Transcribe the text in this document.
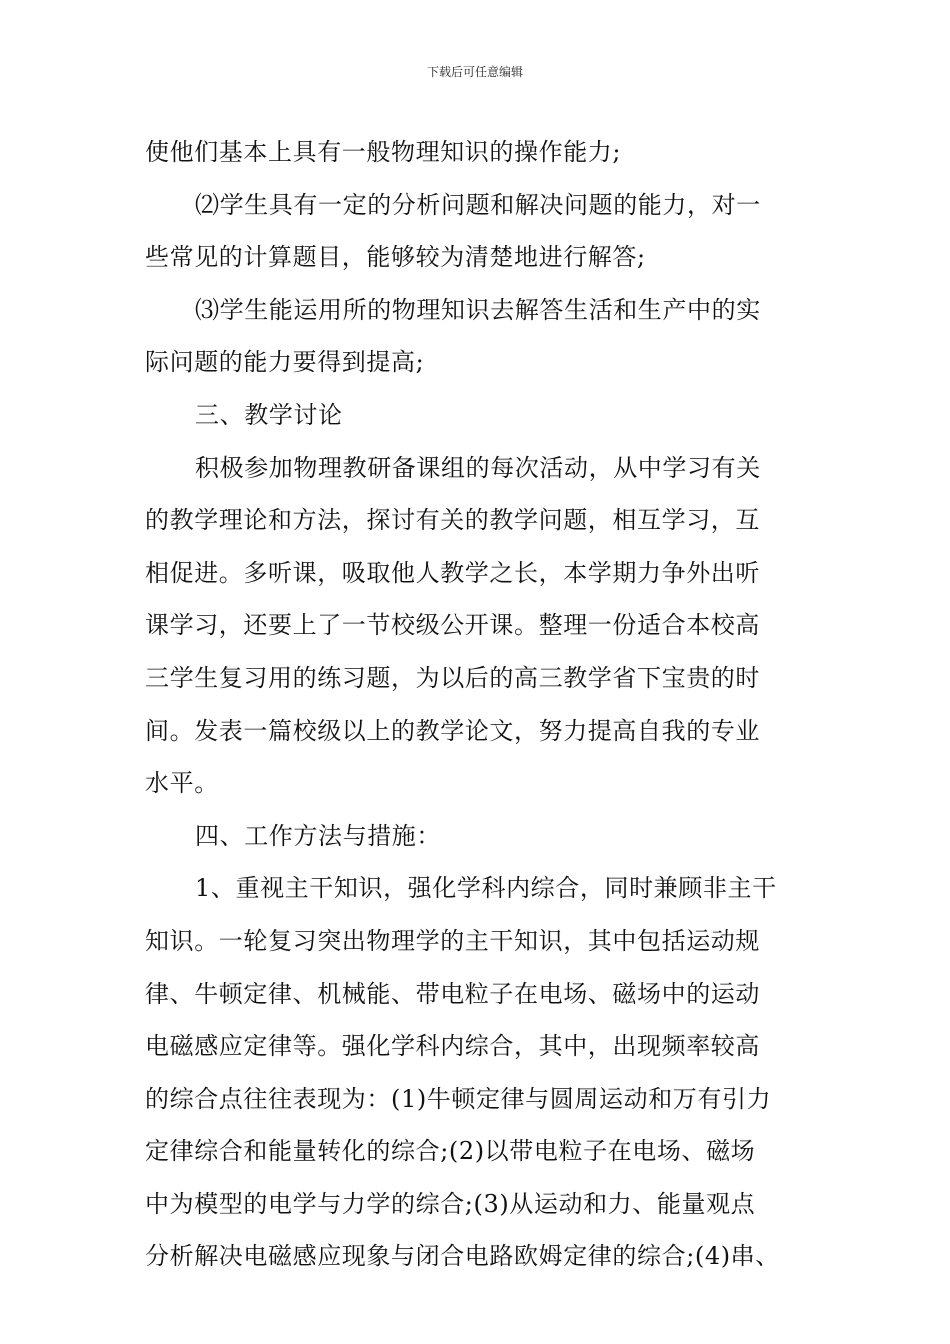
下载后可任意编辑
使他们基本上具有一般物理知识的操作能力;
⑵学生具有一定的分析问题和解决问题的能力，对一
些常见的计算题目，能够较为清楚地进行解答;
⑶学生能运用所的物理知识去解答生活和生产中的实
际问题的能力要得到提高;
三、教学讨论
积极参加物理教研备课组的每次活动，从中学习有关
的教学理论和方法，探讨有关的教学问题，相互学习，互
相促进。多听课，吸取他人教学之长，本学期力争外出听
课学习，还要上了一节校级公开课。整理一份适合本校高
三学生复习用的练习题，为以后的高三教学省下宝贵的时
间。发表一篇校级以上的教学论文，努力提高自我的专业
水平。
四、工作方法与措施：
1、重视主干知识，强化学科内综合，同时兼顾非主干
知识。一轮复习突出物理学的主干知识，其中包括运动规
律、牛顿定律、机械能、带电粒子在电场、磁场中的运动
电磁感应定律等。强化学科内综合，其中，出现频率较高
的综合点往往表现为：(1)牛顿定律与圆周运动和万有引力
定律综合和能量转化的综合;(2)以带电粒子在电场、磁场
中为模型的电学与力学的综合;(3)从运动和力、能量观点
分析解决电磁感应现象与闭合电路欧姆定律的综合;(4)串、
